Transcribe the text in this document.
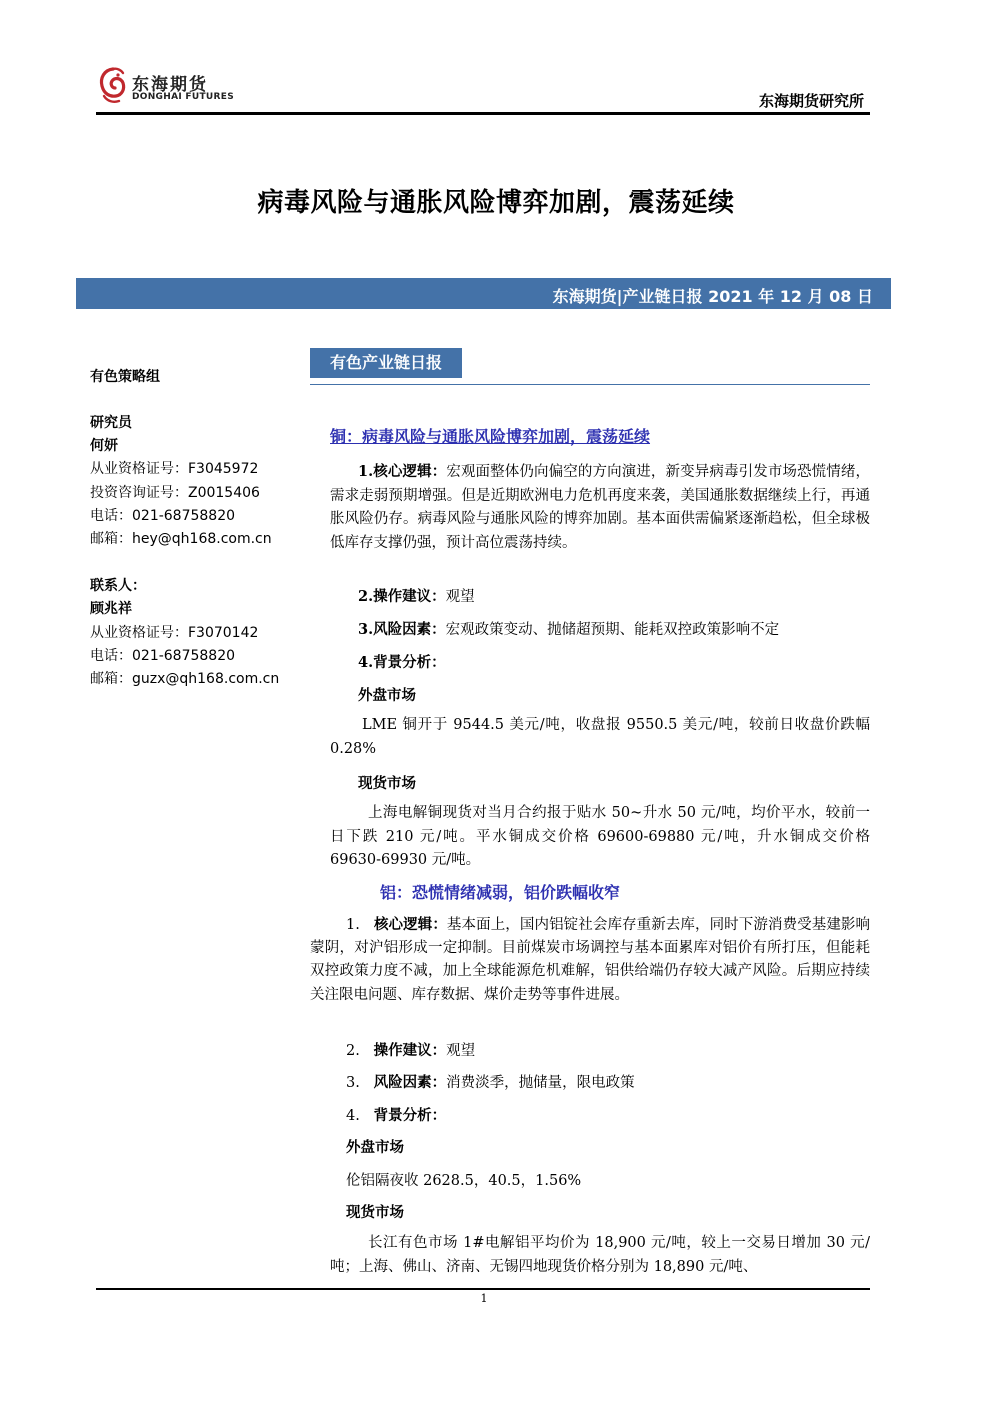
东海期货
DONGHAI FUTURES	东海期货研究所
病毒风险与通胀风险博弈加剧，震荡延续
东海期货|产业链日报 2021 年 12 月 08 日
有色策略组
研究员
何妍
从业资格证号：F3045972
投资咨询证号：Z0015406
电话：021-68758820
邮箱：hey@qh168.com.cn
联系人：
顾兆祥
从业资格证号：F3070142
电话：021-68758820
邮箱：guzx@qh168.com.cn
有色产业链日报
铜：病毒风险与通胀风险博弈加剧，震荡延续
1.核心逻辑：宏观面整体仍向偏空的方向演进，新变异病毒引发市场恐慌情绪，需求走弱预期增强。但是近期欧洲电力危机再度来袭，美国通胀数据继续上行，再通胀风险仍存。病毒风险与通胀风险的博弈加剧。基本面供需偏紧逐渐趋松，但全球极低库存支撑仍强，预计高位震荡持续。
2.操作建议：观望
3.风险因素：宏观政策变动、抛储超预期、能耗双控政策影响不定
4.背景分析：
外盘市场
LME 铜开于 9544.5 美元/吨，收盘报 9550.5 美元/吨，较前日收盘价跌幅 0.28%
现货市场
上海电解铜现货对当月合约报于贴水 50~升水 50 元/吨，均价平水，较前一日下跌 210 元/吨。平水铜成交价格 69600-69880 元/吨，升水铜成交价格 69630-69930 元/吨。
铝：恐慌情绪减弱，铝价跌幅收窄
1. 核心逻辑：基本面上，国内铝锭社会库存重新去库，同时下游消费受基建影响蒙阴，对沪铝形成一定抑制。目前煤炭市场调控与基本面累库对铝价有所打压，但能耗双控政策力度不减，加上全球能源危机难解，铝供给端仍存较大减产风险。后期应持续关注限电问题、库存数据、煤价走势等事件进展。
2. 操作建议：观望
3. 风险因素：消费淡季，抛储量，限电政策
4. 背景分析：
外盘市场
伦铝隔夜收 2628.5，40.5，1.56%
现货市场
长江有色市场 1#电解铝平均价为 18,900 元/吨，较上一交易日增加 30 元/吨；上海、佛山、济南、无锡四地现货价格分别为 18,890 元/吨、
1
